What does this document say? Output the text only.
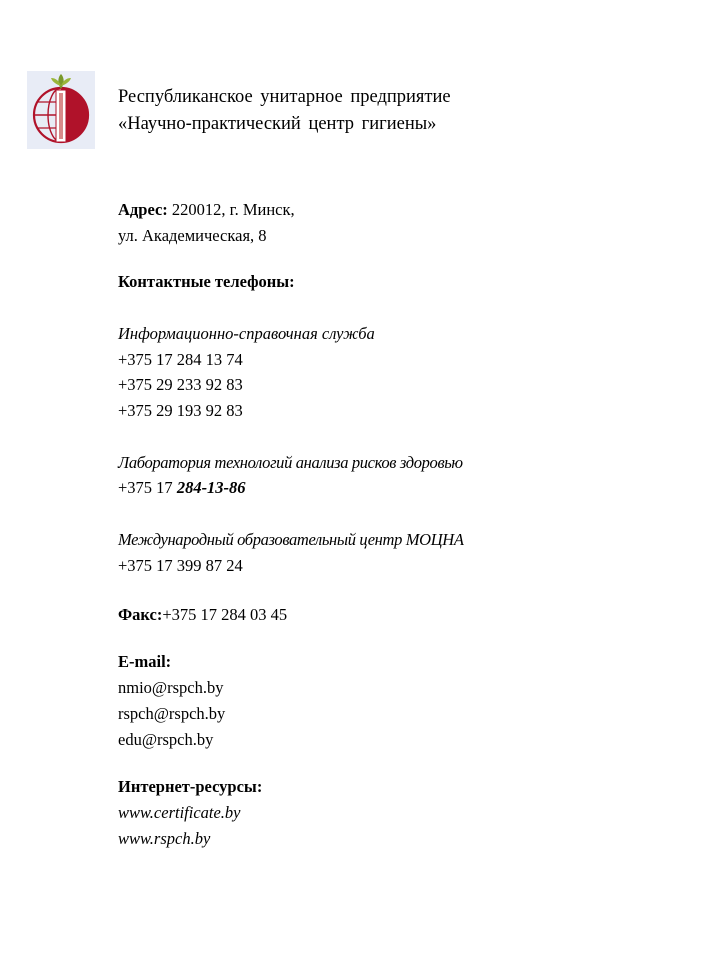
Республиканское унитарное предприятие
«Научно-практический центр гигиены»
Адрес: 220012, г. Минск,
ул. Академическая, 8
Контактные телефоны:
Информационно-справочная служба
+375 17 284 13 74
+375 29 233 92 83
+375 29 193 92 83
Лаборатория технологий анализа рисков здоровью
+375 17 284-13-86
Международный образовательный центр МОЦНА
+375 17 399 87 24
Факс:+375 17 284 03 45
E-mail:
nmio@rspch.by
rspch@rspch.by
edu@rspch.by
Интернет-ресурсы:
www.certificate.by
www.rspch.by
